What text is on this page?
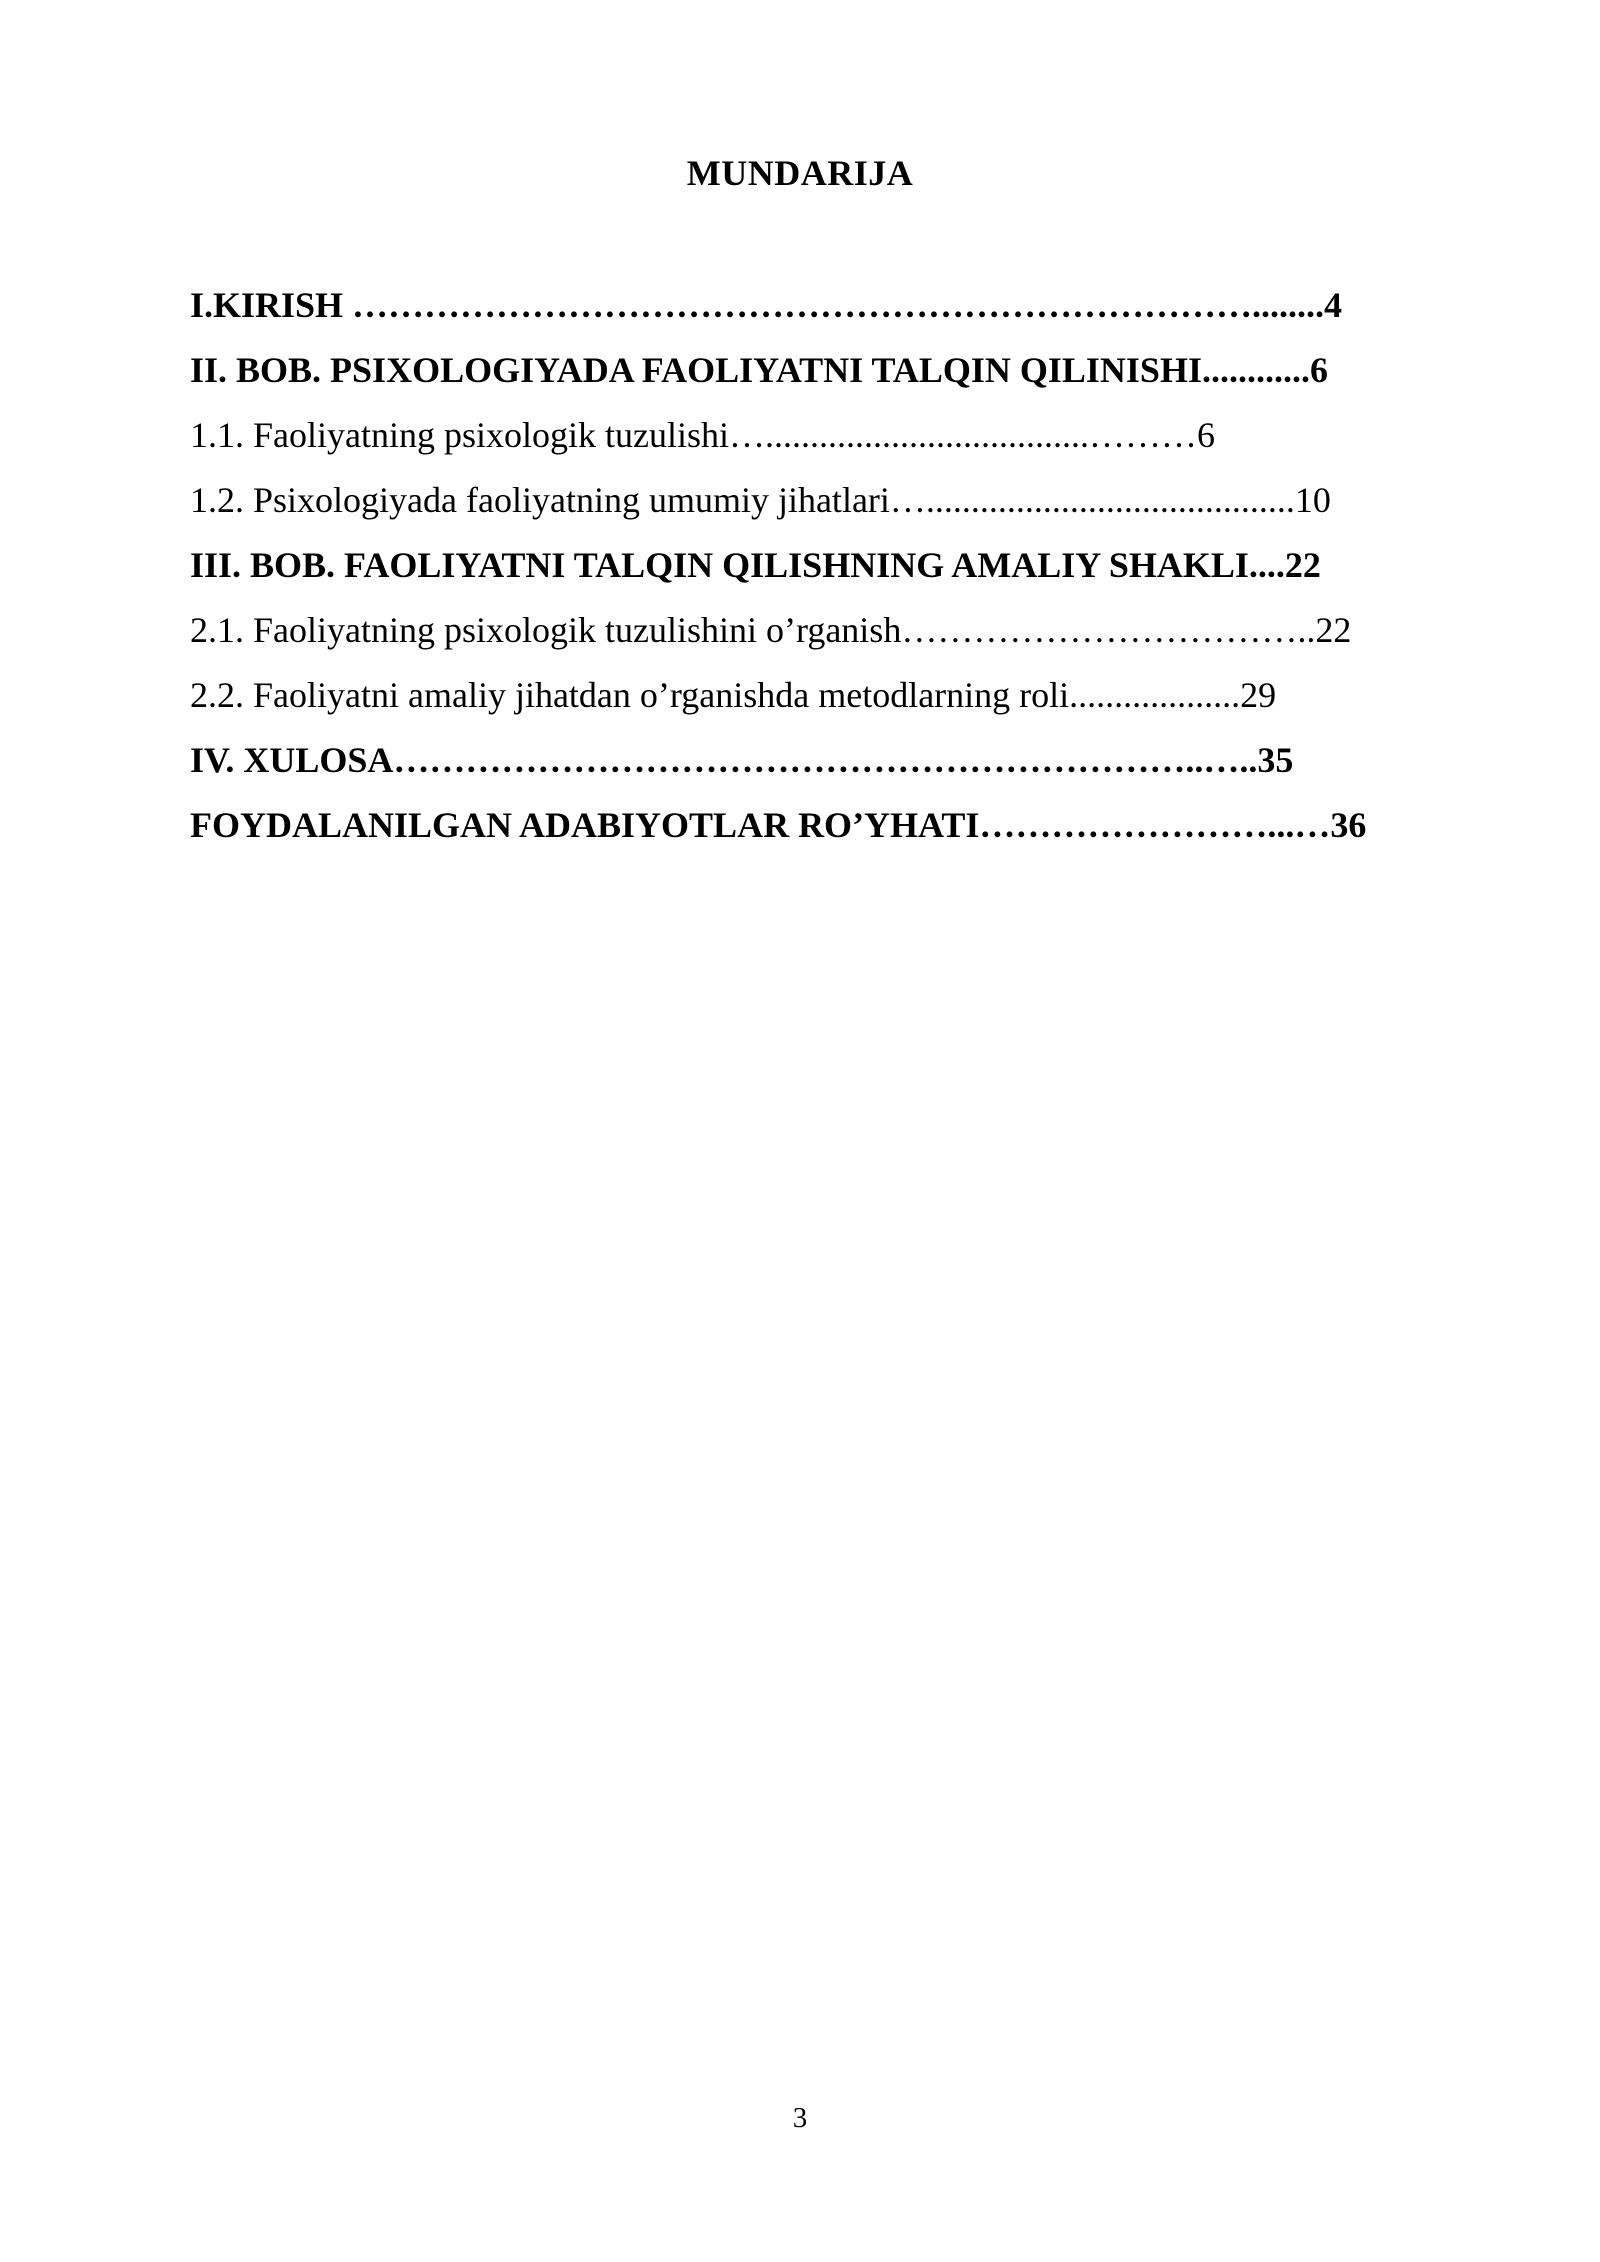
MUNDARIJA
I.KIRISH …………………………………………………………………........4
II. BOB. PSIXOLOGIYADA FAOLIYATNI TALQIN QILINISHI............6
1.1. Faoliyatning psixologik tuzulishi…....................................………6
1.2. Psixologiyada faoliyatning umumiy jihatlari….........................................10
III. BOB. FAOLIYATNI TALQIN QILISHNING AMALIY SHAKLI....22
2.1. Faoliyatning psixologik tuzulishini o’rganish……………………………..22
2.2. Faoliyatni amaliy jihatdan o’rganishda metodlarning roli...................29
IV. XULOSA…………………………………………………………..…..35
FOYDALANILGAN ADABIYOTLAR RO’YHATI……………………...…36
3
